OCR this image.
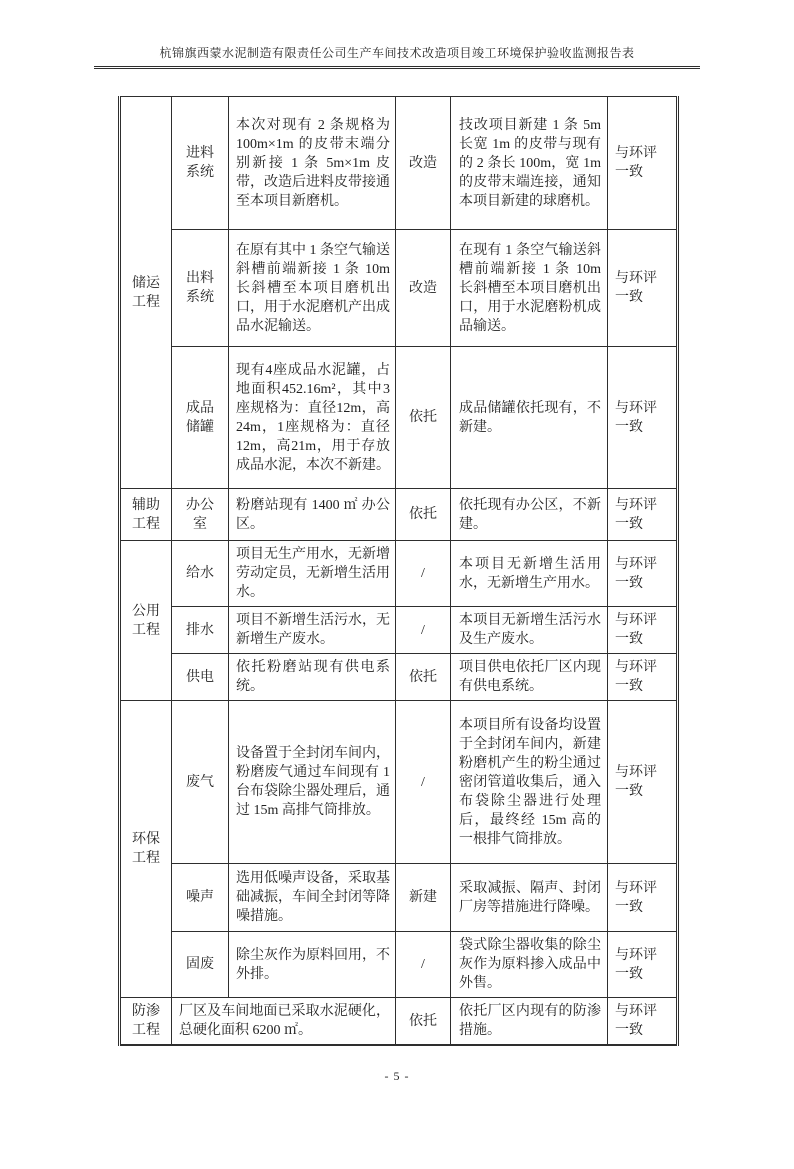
杭锦旗西蒙水泥制造有限责任公司生产车间技术改造项目竣工环境保护验收监测报告表
储运工程	进料系统	本次对现有 2 条规格为 100m×1m 的皮带末端分别新接 1 条 5m×1m 皮带，改造后进料皮带接通至本项目新磨机。	改造	技改项目新建 1 条 5m 长宽 1m 的皮带与现有的 2 条长 100m，宽 1m 的皮带末端连接，通知本项目新建的球磨机。	与环评一致
	出料系统	在原有其中 1 条空气输送斜槽前端新接 1 条 10m 长斜槽至本项目磨机出口，用于水泥磨机产出成品水泥输送。	改造	在现有 1 条空气输送斜槽前端新接 1 条 10m 长斜槽至本项目磨机出口，用于水泥磨粉机成品输送。	与环评一致
	成品储罐	现有4座成品水泥罐，占地面积452.16m²，其中3座规格为：直径12m，高24m，1座规格为：直径12m，高21m，用于存放成品水泥，本次不新建。	依托	成品储罐依托现有，不新建。	与环评一致
辅助工程	办公室	粉磨站现有 1400 ㎡ 办公区。	依托	依托现有办公区，不新建。	与环评一致
公用工程	给水	项目无生产用水，无新增劳动定员，无新增生活用水。	/	本项目无新增生活用水，无新增生产用水。	与环评一致
	排水	项目不新增生活污水，无新增生产废水。	/	本项目无新增生活污水及生产废水。	与环评一致
	供电	依托粉磨站现有供电系统。	依托	项目供电依托厂区内现有供电系统。	与环评一致
环保工程	废气	设备置于全封闭车间内，粉磨废气通过车间现有 1 台布袋除尘器处理后，通过 15m 高排气筒排放。	/	本项目所有设备均设置于全封闭车间内，新建粉磨机产生的粉尘通过密闭管道收集后，通入布袋除尘器进行处理后，最终经 15m 高的一根排气筒排放。	与环评一致
	噪声	选用低噪声设备，采取基础减振，车间全封闭等降噪措施。	新建	采取减振、隔声、封闭厂房等措施进行降噪。	与环评一致
	固废	除尘灰作为原料回用，不外排。	/	袋式除尘器收集的除尘灰作为原料掺入成品中外售。	与环评一致
防渗工程	厂区及车间地面已采取水泥硬化，总硬化面积 6200 ㎡。		依托	依托厂区内现有的防渗措施。	与环评一致
- 5 -
